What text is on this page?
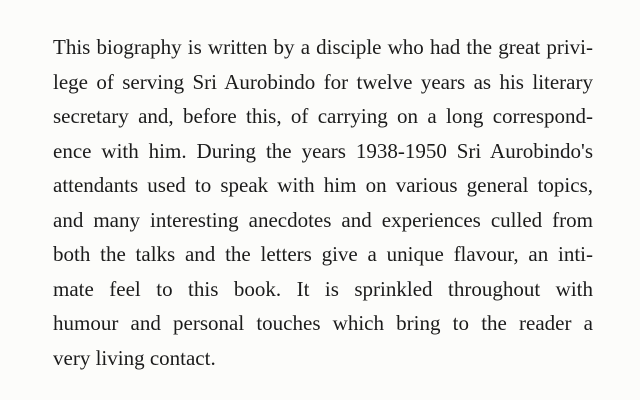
This biography is written by a disciple who had the great privi-
lege of serving Sri Aurobindo for twelve years as his literary
secretary and, before this, of carrying on a long correspond-
ence with him. During the years 1938-1950 Sri Aurobindo's
attendants used to speak with him on various general topics,
and many interesting anecdotes and experiences culled from
both the talks and the letters give a unique flavour, an inti-
mate feel to this book. It is sprinkled throughout with
humour and personal touches which bring to the reader a
very living contact.
